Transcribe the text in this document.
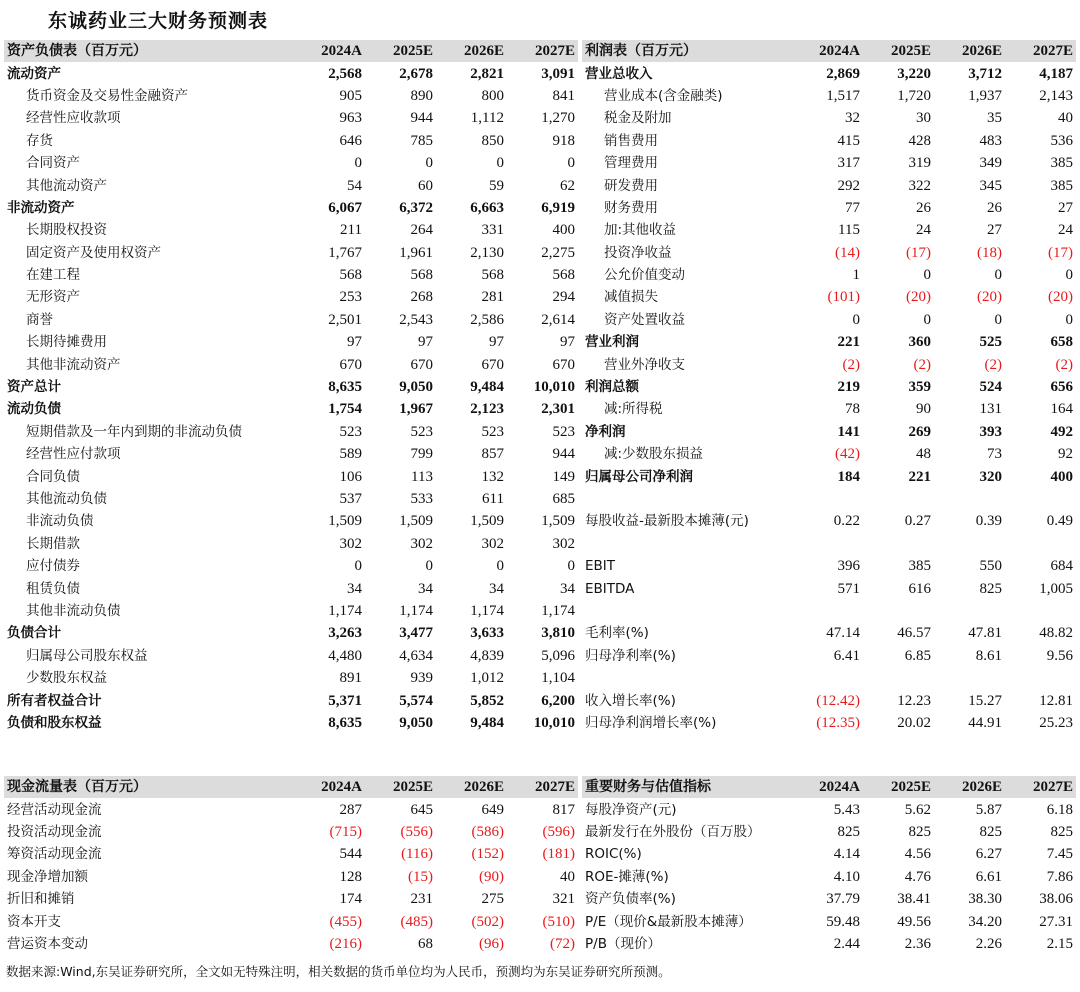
东诚药业三大财务预测表
资产负债表（百万元）	2024A	2025E	2026E	2027E
流动资产	2,568	2,678	2,821	3,091
货币资金及交易性金融资产	905	890	800	841
经营性应收款项	963	944	1,112	1,270
存货	646	785	850	918
合同资产	0	0	0	0
其他流动资产	54	60	59	62
非流动资产	6,067	6,372	6,663	6,919
长期股权投资	211	264	331	400
固定资产及使用权资产	1,767	1,961	2,130	2,275
在建工程	568	568	568	568
无形资产	253	268	281	294
商誉	2,501	2,543	2,586	2,614
长期待摊费用	97	97	97	97
其他非流动资产	670	670	670	670
资产总计	8,635	9,050	9,484	10,010
流动负债	1,754	1,967	2,123	2,301
短期借款及一年内到期的非流动负债	523	523	523	523
经营性应付款项	589	799	857	944
合同负债	106	113	132	149
其他流动负债	537	533	611	685
非流动负债	1,509	1,509	1,509	1,509
长期借款	302	302	302	302
应付债券	0	0	0	0
租赁负债	34	34	34	34
其他非流动负债	1,174	1,174	1,174	1,174
负债合计	3,263	3,477	3,633	3,810
归属母公司股东权益	4,480	4,634	4,839	5,096
少数股东权益	891	939	1,012	1,104
所有者权益合计	5,371	5,574	5,852	6,200
负债和股东权益	8,635	9,050	9,484	10,010
利润表（百万元）	2024A	2025E	2026E	2027E
营业总收入	2,869	3,220	3,712	4,187
营业成本(含金融类)	1,517	1,720	1,937	2,143
税金及附加	32	30	35	40
销售费用	415	428	483	536
管理费用	317	319	349	385
研发费用	292	322	345	385
财务费用	77	26	26	27
加:其他收益	115	24	27	24
投资净收益	(14)	(17)	(18)	(17)
公允价值变动	1	0	0	0
减值损失	(101)	(20)	(20)	(20)
资产处置收益	0	0	0	0
营业利润	221	360	525	658
营业外净收支	(2)	(2)	(2)	(2)
利润总额	219	359	524	656
减:所得税	78	90	131	164
净利润	141	269	393	492
减:少数股东损益	(42)	48	73	92
归属母公司净利润	184	221	320	400

每股收益-最新股本摊薄(元)	0.22	0.27	0.39	0.49

EBIT	396	385	550	684
EBITDA	571	616	825	1,005

毛利率(%)	47.14	46.57	47.81	48.82
归母净利率(%)	6.41	6.85	8.61	9.56

收入增长率(%)	(12.42)	12.23	15.27	12.81
归母净利润增长率(%)	(12.35)	20.02	44.91	25.23
现金流量表（百万元）	2024A	2025E	2026E	2027E
经营活动现金流	287	645	649	817
投资活动现金流	(715)	(556)	(586)	(596)
筹资活动现金流	544	(116)	(152)	(181)
现金净增加额	128	(15)	(90)	40
折旧和摊销	174	231	275	321
资本开支	(455)	(485)	(502)	(510)
营运资本变动	(216)	68	(96)	(72)
重要财务与估值指标	2024A	2025E	2026E	2027E
每股净资产(元)	5.43	5.62	5.87	6.18
最新发行在外股份（百万股）	825	825	825	825
ROIC(%)	4.14	4.56	6.27	7.45
ROE-摊薄(%)	4.10	4.76	6.61	7.86
资产负债率(%)	37.79	38.41	38.30	38.06
P/E（现价&最新股本摊薄）	59.48	49.56	34.20	27.31
P/B（现价）	2.44	2.36	2.26	2.15
数据来源:Wind,东吴证券研究所，全文如无特殊注明，相关数据的货币单位均为人民币，预测均为东吴证券研究所预测。
